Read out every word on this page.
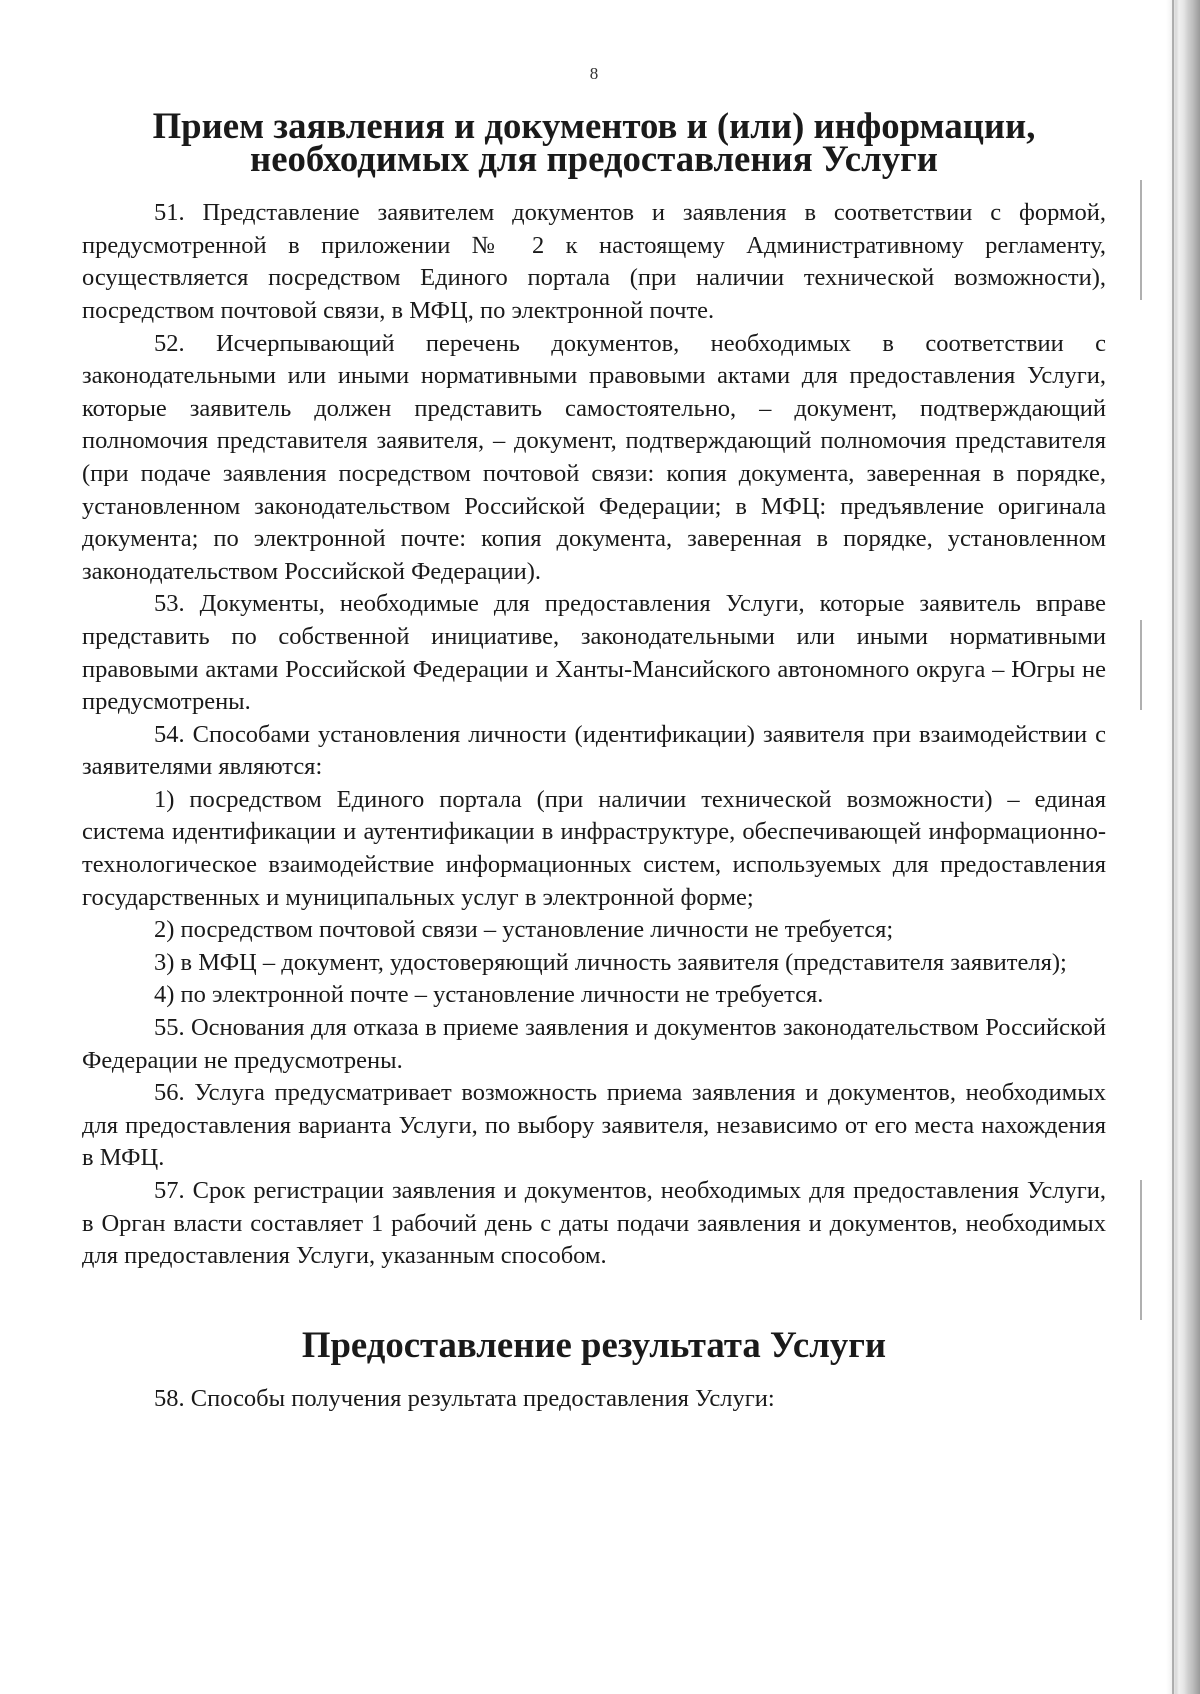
8
Прием заявления и документов и (или) информации, необходимых для предоставления Услуги

51. Представление заявителем документов и заявления в соответствии с формой, предусмотренной в приложении № 2 к настоящему Административному регламенту, осуществляется посредством Единого портала (при наличии технической возможности), посредством почтовой связи, в МФЦ, по электронной почте.

52. Исчерпывающий перечень документов, необходимых в соответствии с законодательными или иными нормативными правовыми актами для предоставления Услуги, которые заявитель должен представить самостоятельно, – документ, подтверждающий полномочия представителя заявителя, – документ, подтверждающий полномочия представителя (при подаче заявления посредством почтовой связи: копия документа, заверенная в порядке, установленном законодательством Российской Федерации; в МФЦ: предъявление оригинала документа; по электронной почте: копия документа, заверенная в порядке, установленном законодательством Российской Федерации).

53. Документы, необходимые для предоставления Услуги, которые заявитель вправе представить по собственной инициативе, законодательными или иными нормативными правовыми актами Российской Федерации и Ханты-Мансийского автономного округа – Югры не предусмотрены.

54. Способами установления личности (идентификации) заявителя при взаимодействии с заявителями являются:

1) посредством Единого портала (при наличии технической возможности) – единая система идентификации и аутентификации в инфраструктуре, обеспечивающей информационно-технологическое взаимодействие информационных систем, используемых для предоставления государственных и муниципальных услуг в электронной форме;

2) посредством почтовой связи – установление личности не требуется;

3) в МФЦ – документ, удостоверяющий личность заявителя (представителя заявителя);

4) по электронной почте – установление личности не требуется.

55. Основания для отказа в приеме заявления и документов законодательством Российской Федерации не предусмотрены.

56. Услуга предусматривает возможность приема заявления и документов, необходимых для предоставления варианта Услуги, по выбору заявителя, независимо от его места нахождения в МФЦ.

57. Срок регистрации заявления и документов, необходимых для предоставления Услуги, в Орган власти составляет 1 рабочий день с даты подачи заявления и документов, необходимых для предоставления Услуги, указанным способом.

Предоставление результата Услуги

58. Способы получения результата предоставления Услуги:
